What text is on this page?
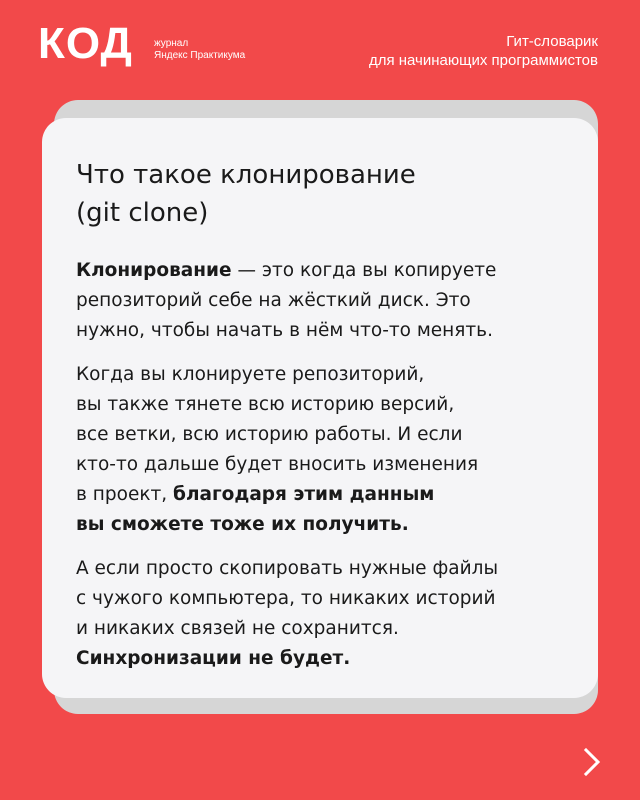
КОД журнал
Яндекс Практикума
Гит-словарик
для начинающих программистов
Что такое клонирование
(git clone)

Клонирование — это когда вы копируете
репозиторий себе на жёсткий диск. Это
нужно, чтобы начать в нём что-то менять.

Когда вы клонируете репозиторий,
вы также тянете всю историю версий,
все ветки, всю историю работы. И если
кто-то дальше будет вносить изменения
в проект, благодаря этим данным
вы сможете тоже их получить.

А если просто скопировать нужные файлы
с чужого компьютера, то никаких историй
и никаких связей не сохранится.
Синхронизации не будет.
